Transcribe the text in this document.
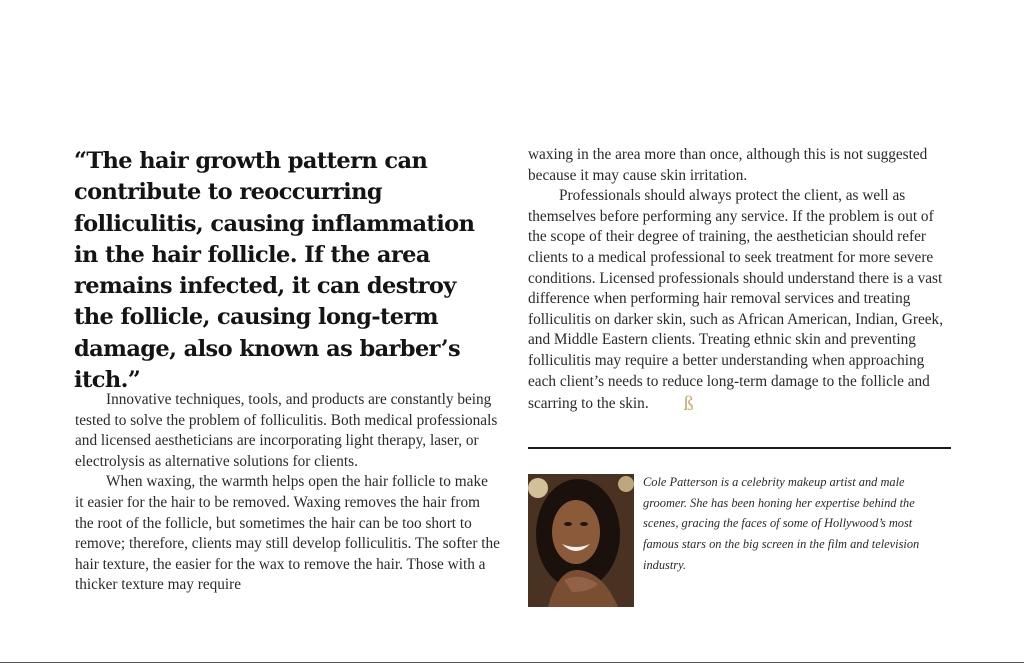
“The hair growth pattern can contribute to reoccurring folliculitis, causing inflammation in the hair follicle. If the area remains infected, it can destroy the follicle, causing long-term damage, also known as barber’s itch.”

Innovative techniques, tools, and products are constantly being tested to solve the problem of folliculitis. Both medical professionals and licensed aestheticians are incorporating light therapy, laser, or electrolysis as alternative solutions for clients.

When waxing, the warmth helps open the hair follicle to make it easier for the hair to be removed. Waxing removes the hair from the root of the follicle, but sometimes the hair can be too short to remove; therefore, clients may still develop folliculitis. The softer the hair texture, the easier for the wax to remove the hair. Those with a thicker texture may require

waxing in the area more than once, although this is not suggested because it may cause skin irritation.

Professionals should always protect the client, as well as themselves before performing any service. If the problem is out of the scope of their degree of training, the aesthetician should refer clients to a medical professional to seek treatment for more severe conditions. Licensed professionals should understand there is a vast difference when performing hair removal services and treating folliculitis on darker skin, such as African American, Indian, Greek, and Middle Eastern clients. Treating ethnic skin and preventing folliculitis may require a better understanding when approaching each client’s needs to reduce long-term damage to the follicle and scarring to the skin. ß

Cole Patterson is a celebrity makeup artist and male groomer. She has been honing her expertise behind the scenes, gracing the faces of some of Hollywood’s most famous stars on the big screen in the film and television industry.
